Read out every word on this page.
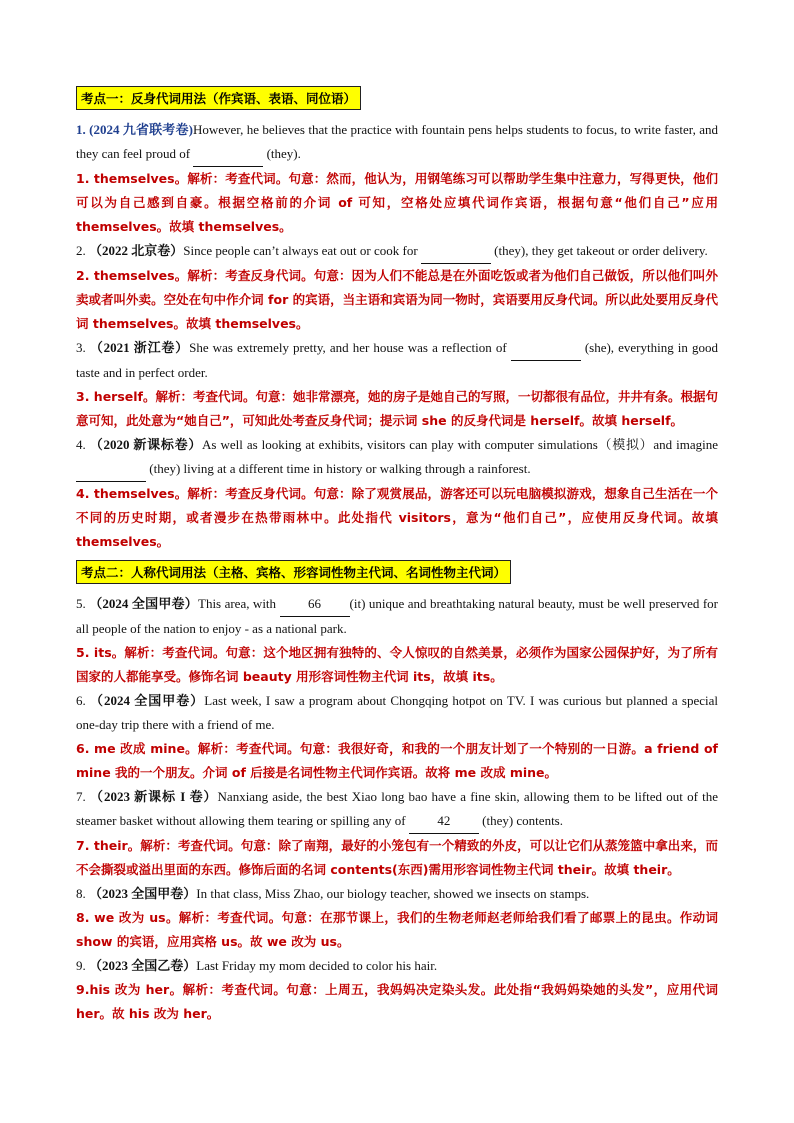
考点一：反身代词用法（作宾语、表语、同位语）

1. (2024 九省联考卷)However, he believes that the practice with fountain pens helps students to focus, to write faster, and they can feel proud of	(they).

1. themselves。解析：考查代词。句意：然而，他认为，用钢笔练习可以帮助学生集中注意力，写得更快，他们可以为自己感到自豪。根据空格前的介词 of 可知，空格处应填代词作宾语，根据句意“他们自己”应用 themselves。故填 themselves。

2. （2022 北京卷）Since people can’t always eat out or cook for	(they), they get takeout or order delivery.

2. themselves。解析：考查反身代词。句意：因为人们不能总是在外面吃饭或者为他们自己做饭，所以他们叫外卖或者叫外卖。空处在句中作介词 for 的宾语，当主语和宾语为同一物时，宾语要用反身代词。所以此处要用反身代词 themselves。故填 themselves。

3. （2021 浙江卷）She was extremely pretty, and her house was a reflection of	(she), everything in good taste and in perfect order.

3. herself。解析：考查代词。句意：她非常漂亮，她的房子是她自己的写照，一切都很有品位，井井有条。根据句意可知，此处意为“她自己”，可知此处考查反身代词；提示词 she 的反身代词是 herself。故填 herself。

4. （2020 新课标卷）As well as looking at exhibits, visitors can play with computer simulations（模拟）and imagine   (they) living at a different time in history or walking through a rainforest.

4. themselves。解析：考查反身代词。句意：除了观赏展品，游客还可以玩电脑模拟游戏，想象自己生活在一个不同的历史时期，或者漫步在热带雨林中。此处指代 visitors，意为“他们自己”，应使用反身代词。故填 themselves。

考点二：人称代词用法（主格、宾格、形容词性物主代词、名词性物主代词）

5. （2024 全国甲卷）This area, with 66 (it) unique and breathtaking natural beauty, must be well preserved for all people of the nation to enjoy - as a national park.

5. its。解析：考查代词。句意：这个地区拥有独特的、令人惊叹的自然美景，必须作为国家公园保护好，为了所有国家的人都能享受。修饰名词 beauty 用形容词性物主代词 its，故填 its。

6. （2024 全国甲卷）Last week, I saw a program about Chongqing hotpot on TV. I was curious but planned a special one-day trip there with a friend of me.

6. me 改成 mine。解析：考查代词。句意：我很好奇，和我的一个朋友计划了一个特别的一日游。a friend of mine 我的一个朋友。介词 of 后接是名词性物主代词作宾语。故将 me 改成 mine。

7. （2023 新课标 I 卷）Nanxiang aside, the best Xiao long bao have a fine skin, allowing them to be lifted out of the steamer basket without allowing them tearing or spilling any of 42 (they) contents.

7. their。解析：考查代词。句意：除了南翔，最好的小笼包有一个精致的外皮，可以让它们从蒸笼篮中拿出来，而不会撕裂或溢出里面的东西。修饰后面的名词 contents(东西)需用形容词性物主代词 their。故填 their。

8. （2023 全国甲卷）In that class, Miss Zhao, our biology teacher, showed we insects on stamps.

8. we 改为 us。解析：考查代词。句意：在那节课上，我们的生物老师赵老师给我们看了邮票上的昆虫。作动词 show 的宾语，应用宾格 us。故 we 改为 us。

9. （2023 全国乙卷）Last Friday my mom decided to color his hair.

9.his 改为 her。解析：考查代词。句意：上周五，我妈妈决定染头发。此处指“我妈妈染她的头发”，应用代词 her。故 his 改为 her。
